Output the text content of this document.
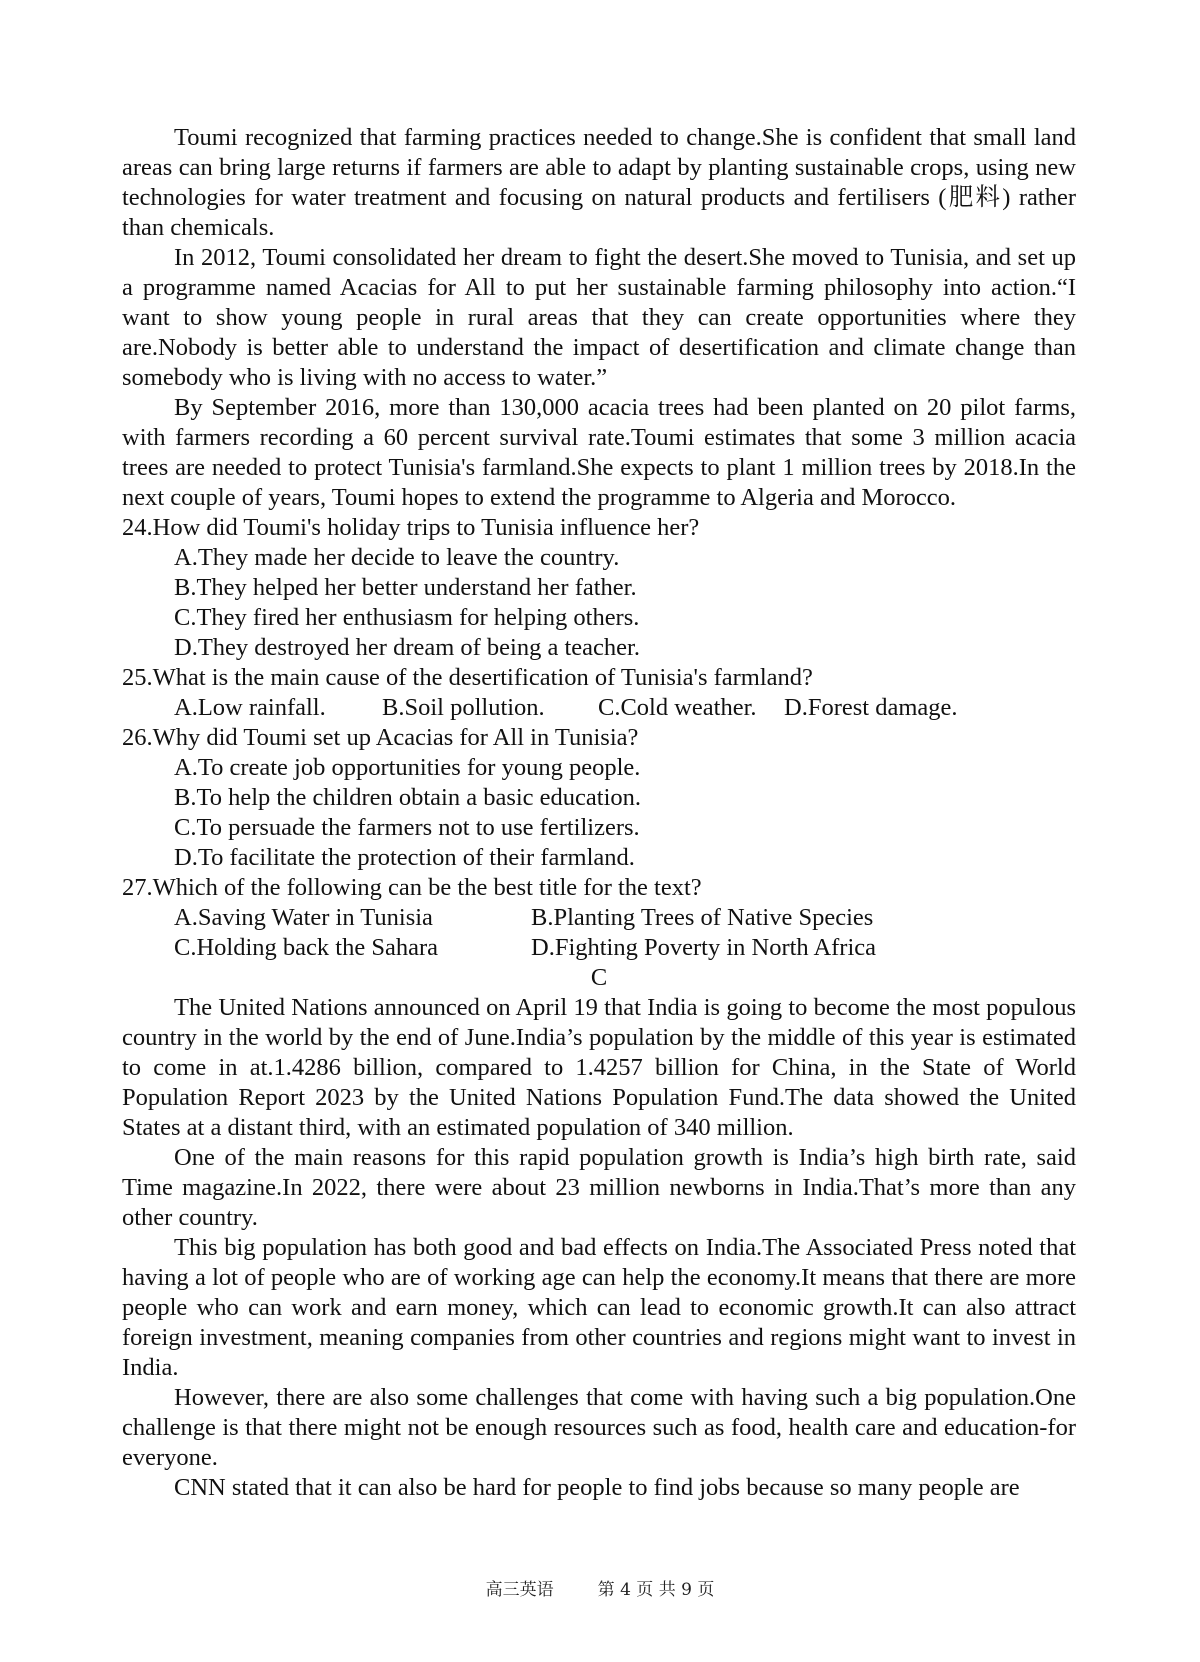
Toumi recognized that farming practices needed to change.She is confident that small land areas can bring large returns if farmers are able to adapt by planting sustainable crops, using new technologies for water treatment and focusing on natural products and fertilisers (肥料) rather than chemicals.

In 2012, Toumi consolidated her dream to fight the desert.She moved to Tunisia, and set up a programme named Acacias for All to put her sustainable farming philosophy into action.“I want to show young people in rural areas that they can create opportunities where they are.Nobody is better able to understand the impact of desertification and climate change than somebody who is living with no access to water.”

By September 2016, more than 130,000 acacia trees had been planted on 20 pilot farms, with farmers recording a 60 percent survival rate.Toumi estimates that some 3 million acacia trees are needed to protect Tunisia's farmland.She expects to plant 1 million trees by 2018.In the next couple of years, Toumi hopes to extend the programme to Algeria and Morocco.

24.How did Toumi's holiday trips to Tunisia influence her?

A.They made her decide to leave the country.

B.They helped her better understand her father.

C.They fired her enthusiasm for helping others.

D.They destroyed her dream of being a teacher.

25.What is the main cause of the desertification of Tunisia's farmland?

A.Low rainfall. B.Soil pollution. C.Cold weather. D.Forest damage.

26.Why did Toumi set up Acacias for All in Tunisia?

A.To create job opportunities for young people.

B.To help the children obtain a basic education.

C.To persuade the farmers not to use fertilizers.

D.To facilitate the protection of their farmland.

27.Which of the following can be the best title for the text?

A.Saving Water in Tunisia	B.Planting Trees of Native Species

C.Holding back the Sahara	D.Fighting Poverty in North Africa

C

The United Nations announced on April 19 that India is going to become the most populous country in the world by the end of June.India’s population by the middle of this year is estimated to come in at.1.4286 billion, compared to 1.4257 billion for China, in the State of World Population Report 2023 by the United Nations Population Fund.The data showed the United States at a distant third, with an estimated population of 340 million.

One of the main reasons for this rapid population growth is India’s high birth rate, said Time magazine.In 2022, there were about 23 million newborns in India.That’s more than any other country.

This big population has both good and bad effects on India.The Associated Press noted that having a lot of people who are of working age can help the economy.It means that there are more people who can work and earn money, which can lead to economic growth.It can also attract foreign investment, meaning companies from other countries and regions might want to invest in India.

However, there are also some challenges that come with having such a big population.One challenge is that there might not be enough resources such as food, health care and education-for everyone.

CNN stated that it can also be hard for people to find jobs because so many people are

高三英语	第 4 页 共 9 页
